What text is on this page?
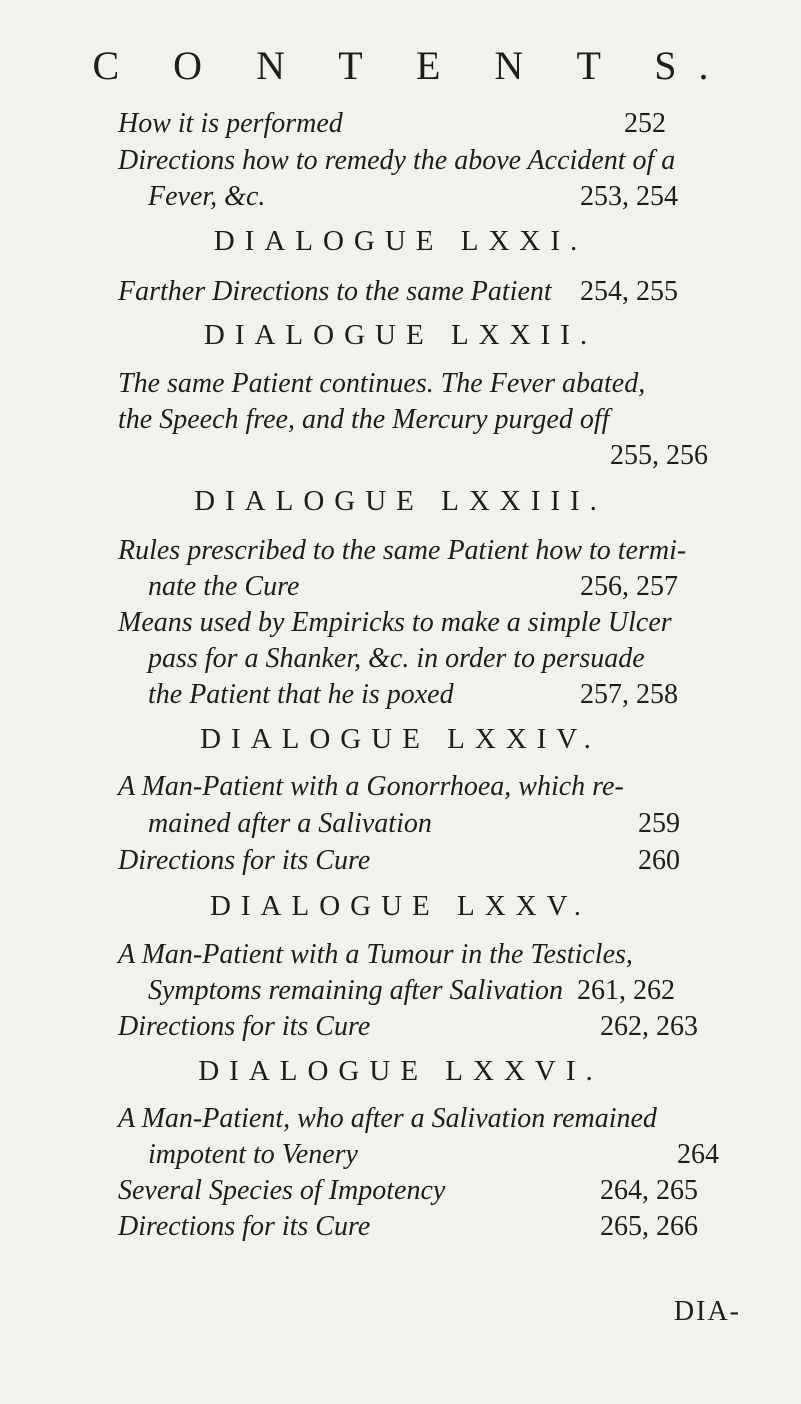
C O N T E N T S.
How it is performed	252
Directions how to remedy the above Accident of a
Fever, &c.	253, 254
DIALOGUE LXXI.
Farther Directions to the same Patient 254, 255
DIALOGUE LXXII.
The same Patient continues. The Fever abated,
the Speech free, and the Mercury purged off
255, 256
DIALOGUE LXXIII.
Rules prescribed to the same Patient how to termi-
nate the Cure	256, 257
Means used by Empiricks to make a simple Ulcer
pass for a Shanker, &c. in order to persuade
the Patient that he is poxed	257, 258
DIALOGUE LXXIV.
A Man-Patient with a Gonorrhoea, which re-
mained after a Salivation	259
Directions for its Cure	260
DIALOGUE LXXV.
A Man-Patient with a Tumour in the Testicles,
Symptoms remaining after Salivation 261, 262
Directions for its Cure	262, 263
DIALOGUE LXXVI.
A Man-Patient, who after a Salivation remained
impotent to Venery	264
Several Species of Impotency	264, 265
Directions for its Cure	265, 266
DIA-
